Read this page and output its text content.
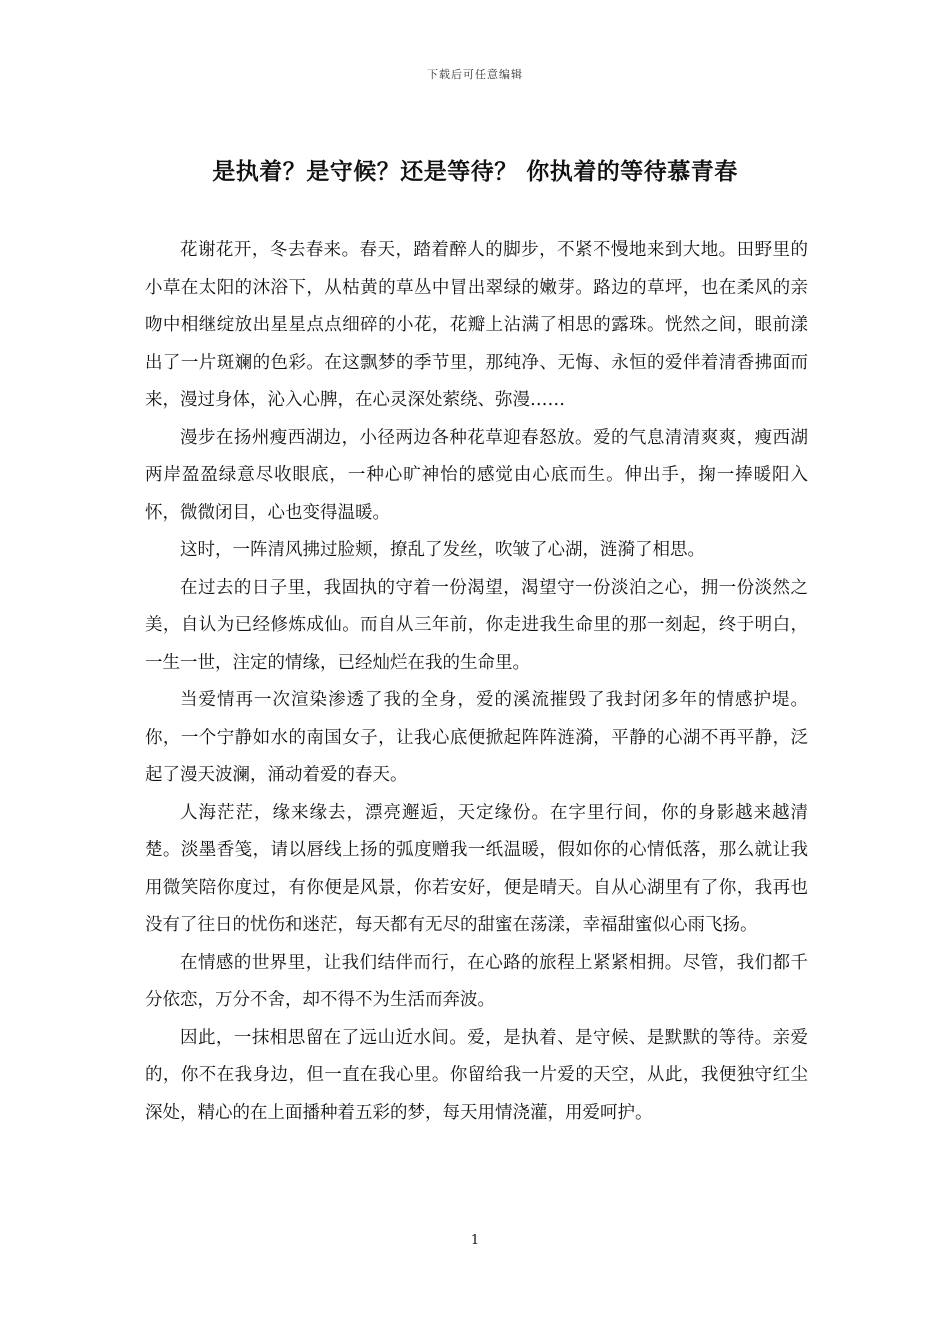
下载后可任意编辑
是执着？是守候？还是等待？ 你执着的等待慕青春

花谢花开，冬去春来。春天，踏着醉人的脚步，不紧不慢地来到大地。田野里的小草在太阳的沐浴下，从枯黄的草丛中冒出翠绿的嫩芽。路边的草坪，也在柔风的亲吻中相继绽放出星星点点细碎的小花，花瓣上沾满了相思的露珠。恍然之间，眼前漾出了一片斑斓的色彩。在这飘梦的季节里，那纯净、无悔、永恒的爱伴着清香拂面而来，漫过身体，沁入心脾，在心灵深处萦绕、弥漫……

漫步在扬州瘦西湖边，小径两边各种花草迎春怒放。爱的气息清清爽爽，瘦西湖两岸盈盈绿意尽收眼底，一种心旷神怡的感觉由心底而生。伸出手，掬一捧暖阳入怀，微微闭目，心也变得温暖。

这时，一阵清风拂过脸颊，撩乱了发丝，吹皱了心湖，涟漪了相思。

在过去的日子里，我固执的守着一份渴望，渴望守一份淡泊之心，拥一份淡然之美，自认为已经修炼成仙。而自从三年前，你走进我生命里的那一刻起，终于明白，一生一世，注定的情缘，已经灿烂在我的生命里。

当爱情再一次渲染渗透了我的全身，爱的溪流摧毁了我封闭多年的情感护堤。你，一个宁静如水的南国女子，让我心底便掀起阵阵涟漪，平静的心湖不再平静，泛起了漫天波澜，涌动着爱的春天。

人海茫茫，缘来缘去，漂亮邂逅，天定缘份。在字里行间，你的身影越来越清楚。淡墨香笺，请以唇线上扬的弧度赠我一纸温暖，假如你的心情低落，那么就让我用微笑陪你度过，有你便是风景，你若安好，便是晴天。自从心湖里有了你，我再也没有了往日的忧伤和迷茫，每天都有无尽的甜蜜在荡漾，幸福甜蜜似心雨飞扬。

在情感的世界里，让我们结伴而行，在心路的旅程上紧紧相拥。尽管，我们都千分依恋，万分不舍，却不得不为生活而奔波。

因此，一抹相思留在了远山近水间。爱，是执着、是守候、是默默的等待。亲爱的，你不在我身边，但一直在我心里。你留给我一片爱的天空，从此，我便独守红尘深处，精心的在上面播种着五彩的梦，每天用情浇灌，用爱呵护。

1
